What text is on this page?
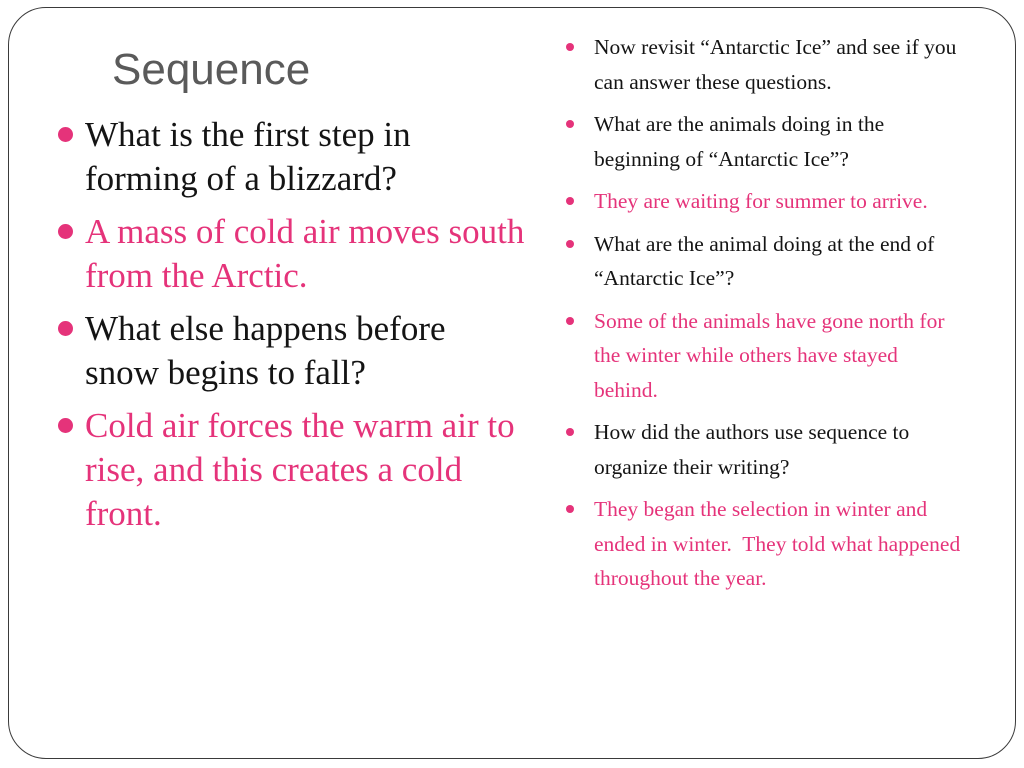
Sequence
What is the first step in forming of a blizzard?
A mass of cold air moves south from the Arctic.
What else happens before snow begins to fall?
Cold air forces the warm air to rise, and this creates a cold front.
Now revisit “Antarctic Ice” and see if you can answer these questions.
What are the animals doing in the beginning of “Antarctic Ice”?
They are waiting for summer to arrive.
What are the animal doing at the end of “Antarctic Ice”?
Some of the animals have gone north for the winter while others have stayed behind.
How did the authors use sequence to organize their writing?
They began the selection in winter and ended in winter.  They told what happened throughout the year.
